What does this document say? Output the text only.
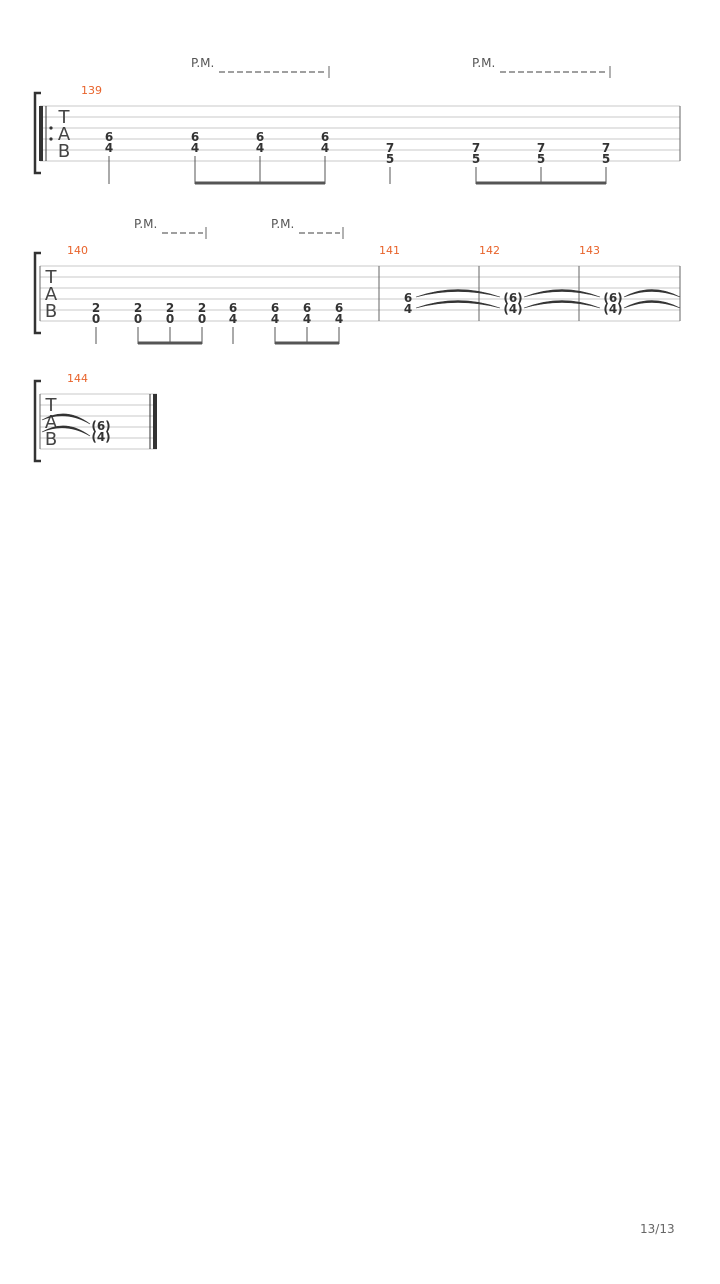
P.M.	P.M.
T
A
B
139
6
4
6
4
6
4
6
4	7
5
7
5
7
5
7
5
P.M.	P.M.
T
A
B
140	141	142	143
2
0
2
0
2
0
2
0
6
4
6
4
6
4
6
4
6
4
(6)
(4)
(6)
(4)
T
A
B
144
(6)
(4)
13/13
